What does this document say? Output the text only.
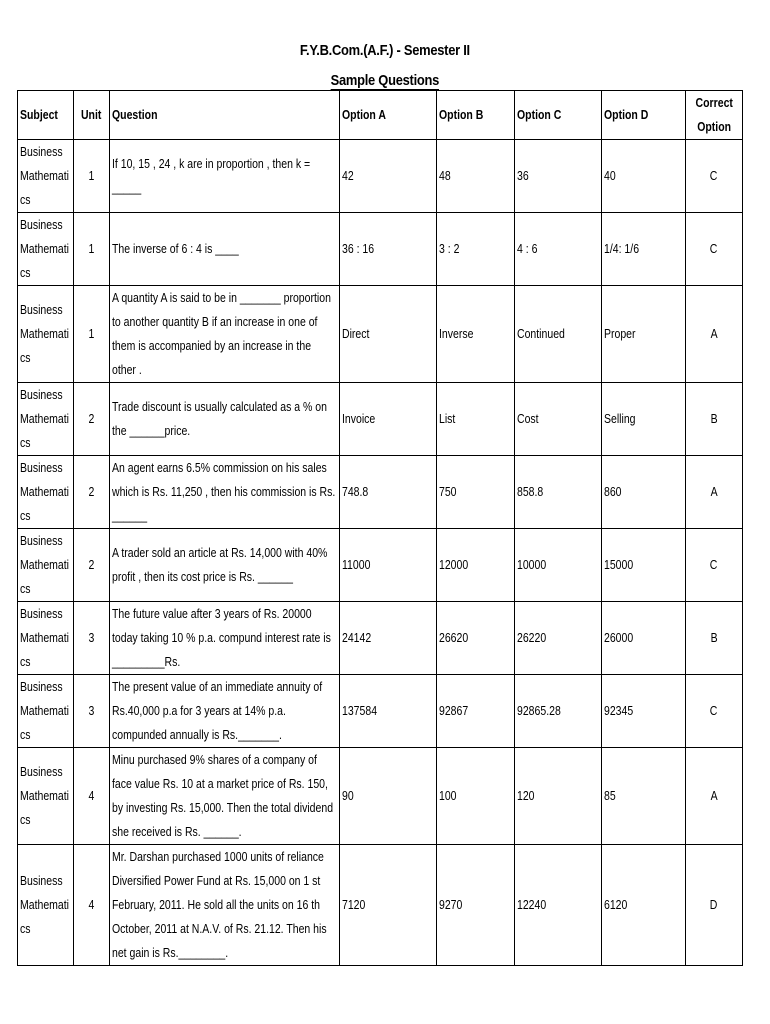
F.Y.B.Com.(A.F.) - Semester II
Sample Questions
Subject	Unit	Question	Option A	Option B	Option C	Option D	Correct
Option
Business Mathematics	1	If 10, 15 , 24 , k are in proportion , then k = _____	42	48	36	40	C
Business Mathematics	1	The inverse of 6 : 4 is ____	36 : 16	3 : 2	4 : 6	1/4: 1/6	C
Business Mathematics	1	A quantity A is said to be in _______ proportion to another quantity B if an increase in one of them is accompanied by an increase in the other .	Direct	Inverse	Continued	Proper	A
Business Mathematics	2	Trade discount is usually calculated as a % on the ______price.	Invoice	List	Cost	Selling	B
Business Mathematics	2	An agent earns 6.5% commission on his sales which is Rs. 11,250 , then his commission is Rs. ______	748.8	750	858.8	860	A
Business Mathematics	2	A trader sold an article at Rs. 14,000 with 40% profit , then its cost price is Rs. ______	11000	12000	10000	15000	C
Business Mathematics	3	The future value after 3 years of Rs. 20000 today taking 10 % p.a. compund interest rate is _________Rs.	24142	26620	26220	26000	B
Business Mathematics	3	The present value of an immediate annuity of Rs.40,000 p.a for 3 years at 14% p.a. compunded annually is Rs._______.	137584	92867	92865.28	92345	C
Business Mathematics	4	Minu purchased 9% shares of a company of face value Rs. 10 at a market price of Rs. 150, by investing Rs. 15,000. Then the total dividend she received is Rs. ______.	90	100	120	85	A
Business Mathematics	4	Mr. Darshan purchased 1000 units of reliance Diversified Power Fund at Rs. 15,000 on 1 st February, 2011. He sold all the units on 16 th October, 2011 at N.A.V. of Rs. 21.12. Then his net gain is Rs.________.	7120	9270	12240	6120	D
